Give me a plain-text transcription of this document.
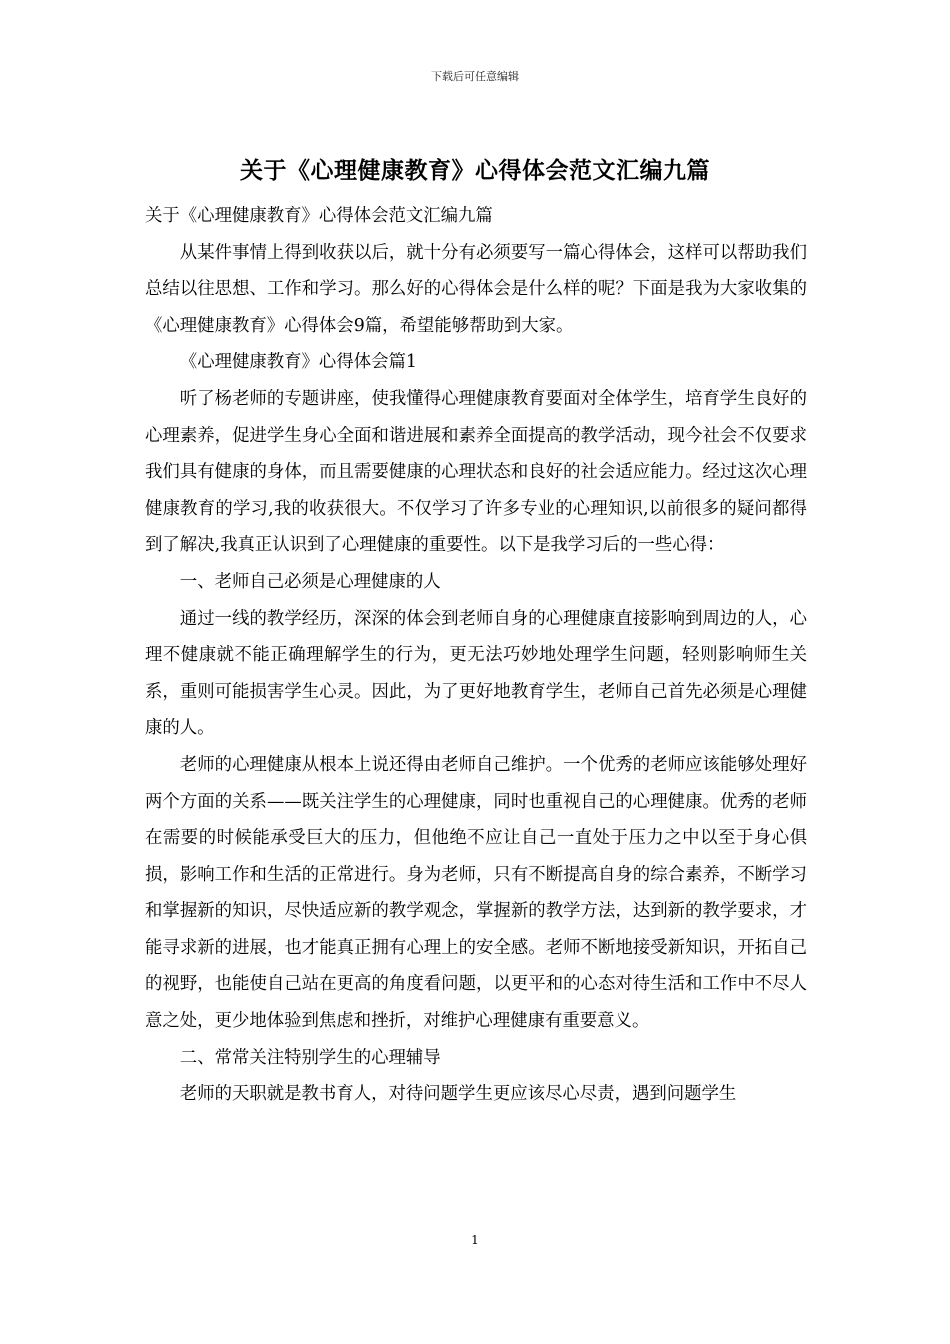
下载后可任意编辑
关于《心理健康教育》心得体会范文汇编九篇

关于《心理健康教育》心得体会范文汇编九篇

从某件事情上得到收获以后，就十分有必须要写一篇心得体会，这样可以帮助我们总结以往思想、工作和学习。那么好的心得体会是什么样的呢？下面是我为大家收集的《心理健康教育》心得体会9篇，希望能够帮助到大家。

《心理健康教育》心得体会篇1

听了杨老师的专题讲座，使我懂得心理健康教育要面对全体学生，培育学生良好的心理素养，促进学生身心全面和谐进展和素养全面提高的教学活动，现今社会不仅要求我们具有健康的身体，而且需要健康的心理状态和良好的社会适应能力。经过这次心理健康教育的学习,我的收获很大。不仅学习了许多专业的心理知识,以前很多的疑问都得到了解决,我真正认识到了心理健康的重要性。以下是我学习后的一些心得：

一、老师自己必须是心理健康的人

通过一线的教学经历，深深的体会到老师自身的心理健康直接影响到周边的人，心理不健康就不能正确理解学生的行为，更无法巧妙地处理学生问题，轻则影响师生关系，重则可能损害学生心灵。因此，为了更好地教育学生，老师自己首先必须是心理健康的人。

老师的心理健康从根本上说还得由老师自己维护。一个优秀的老师应该能够处理好两个方面的关系——既关注学生的心理健康，同时也重视自己的心理健康。优秀的老师在需要的时候能承受巨大的压力，但他绝不应让自己一直处于压力之中以至于身心俱损，影响工作和生活的正常进行。身为老师，只有不断提高自身的综合素养，不断学习和掌握新的知识，尽快适应新的教学观念，掌握新的教学方法，达到新的教学要求，才能寻求新的进展，也才能真正拥有心理上的安全感。老师不断地接受新知识，开拓自己的视野，也能使自己站在更高的角度看问题，以更平和的心态对待生活和工作中不尽人意之处，更少地体验到焦虑和挫折，对维护心理健康有重要意义。

二、常常关注特别学生的心理辅导

老师的天职就是教书育人，对待问题学生更应该尽心尽责，遇到问题学生

1
